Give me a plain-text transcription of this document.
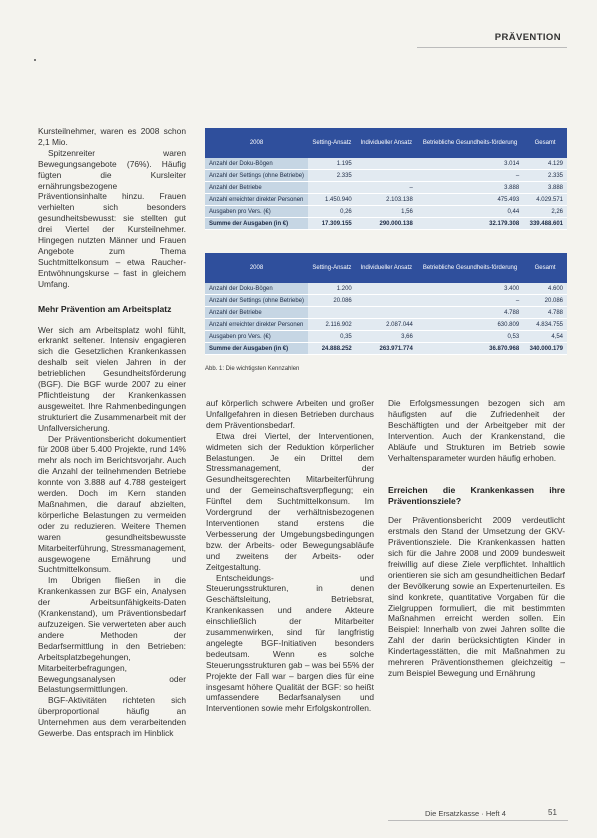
PRÄVENTION

Kursteilnehmer, waren es 2008 schon 2,1 Mio.

Spitzenreiter waren Bewegungsangebote (76%). Häufig fügten die Kursleiter ernährungsbezogene Präventionsinhalte hinzu. Frauen verhielten sich besonders gesundheitsbewusst: sie stellten gut drei Viertel der Kursteilnehmer. Hingegen nutzten Männer und Frauen Angebote zum Thema Suchtmittelkonsum – etwa Raucher-Entwöhnungskurse – fast in gleichem Umfang.

Mehr Prävention am Arbeitsplatz

Wer sich am Arbeitsplatz wohl fühlt, erkrankt seltener. Intensiv engagieren sich die Gesetzlichen Krankenkassen deshalb seit vielen Jahren in der betrieblichen Gesundheitsförderung (BGF). Die BGF wurde 2007 zu einer Pflichtleistung der Krankenkassen ausgeweitet. Ihre Rahmenbedingungen strukturiert die Zusammenarbeit mit der Unfallversicherung.

Der Präventionsbericht dokumentiert für 2008 über 5.400 Projekte, rund 14% mehr als noch im Berichtsvorjahr. Auch die Anzahl der teilnehmenden Betriebe konnte von 3.888 auf 4.788 gesteigert werden. Doch im Kern standen Maßnahmen, die darauf abzielten, körperliche Belastungen zu vermeiden oder zu reduzieren. Weitere Themen waren gesundheitsbewusste Mitarbeiterführung, Stressmanagement, ausgewogene Ernährung und Suchtmittelkonsum.

Im Übrigen fließen in die Krankenkassen zur BGF ein, Analysen der Arbeitsunfähigkeits-Daten (Krankenstand), um Präventionsbedarf aufzuzeigen. Sie verwerteten aber auch andere Methoden der Bedarfsermittlung in den Betrieben: Arbeitsplatzbegehungen, Mitarbeiterbefragungen, Bewegungsanalysen oder Belastungsermittlungen.

BGF-Aktivitäten richteten sich überproportional häufig an Unternehmen aus dem verarbeitenden Gewerbe. Das entsprach im Hinblick

2008	Setting-Ansatz	Individueller Ansatz	Betriebliche Gesundheits-förderung	Gesamt
Anzahl der Doku-Bögen	1.195		3.014	4.129
Anzahl der Settings (ohne Betriebe)	2.335		–	2.335
Anzahl der Betriebe		–	3.888	3.888
Anzahl erreichter direkter Personen	1.450.940	2.103.138	475.493	4.029.571
Ausgaben pro Vers. (€)	0,26	1,56	0,44	2,26
Summe der Ausgaben (in €)	17.309.155	290.000.138	32.179.308	339.488.601
2008	Setting-Ansatz	Individueller Ansatz	Betriebliche Gesundheits-förderung	Gesamt
Anzahl der Doku-Bögen	1.200		3.400	4.600
Anzahl der Settings (ohne Betriebe)	20.086		–	20.086
Anzahl der Betriebe			4.788	4.788
Anzahl erreichter direkter Personen	2.116.902	2.087.044	630.809	4.834.755
Ausgaben pro Vers. (€)	0,35	3,66	0,53	4,54
Summe der Ausgaben (in €)	24.888.252	263.971.774	36.870.968	340.000.179
Abb. 1: Die wichtigsten Kennzahlen

auf körperlich schwere Arbeiten und großer Unfallgefahren in diesen Betrieben durchaus dem Präventionsbedarf.

Etwa drei Viertel, der Interventionen, widmeten sich der Reduktion körperlicher Belastungen. Je ein Drittel dem Stressmanagement, der Gesundheitsgerechten Mitarbeiterführung und der Gemeinschaftsverpflegung; ein Fünftel dem Suchtmittelkonsum. Im Vordergrund der verhältnisbezogenen Interventionen stand erstens die Verbesserung der Umgebungsbedingungen bzw. der Arbeits- oder Bewegungsabläufe und zweitens der Arbeits- oder Zeitgestaltung.

Entscheidungs- und Steuerungsstrukturen, in denen Geschäftsleitung, Betriebsrat, Krankenkassen und andere Akteure einschließlich der Mitarbeiter zusammenwirken, sind für langfristig angelegte BGF-Initiativen besonders bedeutsam. Wenn es solche Steuerungsstrukturen gab – was bei 55% der Projekte der Fall war – bargen dies für eine insgesamt höhere Qualität der BGF: so heißt umfassendere Bedarfsanalysen und Interventionen sowie mehr Erfolgskontrollen.

Die Erfolgsmessungen bezogen sich am häufigsten auf die Zufriedenheit der Beschäftigten und der Arbeitgeber mit der Intervention. Auch der Krankenstand, die Abläufe und Strukturen im Betrieb sowie Verhaltensparameter wurden häufig erhoben.

Erreichen die Krankenkassen ihre Präventionsziele?

Der Präventionsbericht 2009 verdeutlicht erstmals den Stand der Umsetzung der GKV-Präventionsziele. Die Krankenkassen hatten sich für die Jahre 2008 und 2009 bundesweit freiwillig auf diese Ziele verpflichtet. Inhaltlich orientieren sie sich am gesundheitlichen Bedarf der Bevölkerung sowie an Expertenurteilen. Es sind konkrete, quantitative Vorgaben für die Zielgruppen formuliert, die mit bestimmten Maßnahmen erreicht werden sollen. Ein Beispiel: Innerhalb von zwei Jahren sollte die Zahl der darin berücksichtigten Kinder in Kindertagesstätten, die mit Maßnahmen zu mehreren Präventionsthemen gleichzeitig – zum Beispiel Bewegung und Ernährung

Die Ersatzkasse · Heft 4	51
